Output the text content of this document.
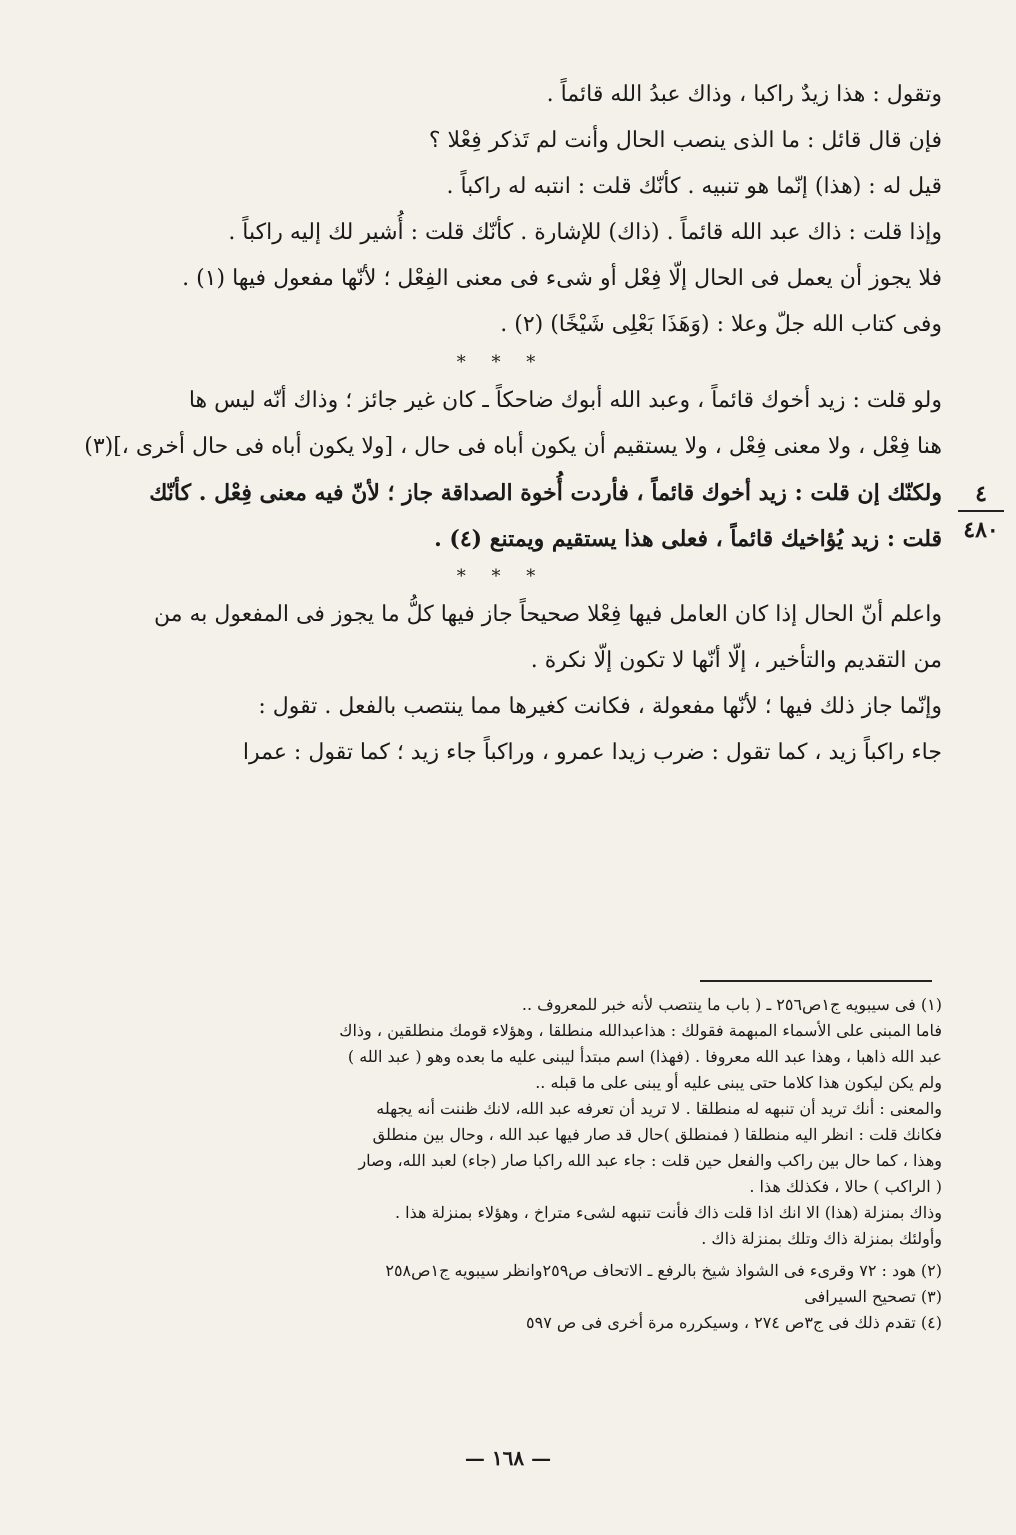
٤
٤٨٠
وتقول : هذا زيدٌ راكبا ، وذاك عبدُ الله قائماً .
فإن قال قائل : ما الذى ينصب الحال وأنت لم تَذكر فِعْلا ؟
قيل له : (هذا) إنّما هو تنبيه . كأنّك قلت : انتبه له راكباً .
وإذا قلت : ذاك عبد الله قائماً . (ذاك) للإشارة . كأنّك قلت : أُشير لك إليه راكباً .
فلا يجوز أن يعمل فى الحال إلّا فِعْل أو شىء فى معنى الفِعْل ؛ لأنّها مفعول فيها (١) .
وفى كتاب الله جلّ وعلا : (وَهَذَا بَعْلِى شَيْخًا) (٢) .
* * *
ولو قلت : زيد أخوك قائماً ، وعبد الله أبوك ضاحكاً ـ كان غير جائز ؛ وذاك أنّه ليس ها
هنا فِعْل ، ولا معنى فِعْل ، ولا يستقيم أن يكون أباه فى حال ، [ولا يكون أباه فى حال أخرى ،](٣)
ولكنّك إن قلت : زيد أخوك قائماً ، فأردت أُخوة الصداقة جاز ؛ لأنّ فيه معنى فِعْل . كأنّك
قلت : زيد يُؤاخيك قائماً ، فعلى هذا يستقيم ويمتنع (٤) .
* * *
واعلم أنّ الحال إذا كان العامل فيها فِعْلا صحيحاً جاز فيها كلُّ ما يجوز فى المفعول به من
من التقديم والتأخير ، إلّا أنّها لا تكون إلّا نكرة .
وإنّما جاز ذلك فيها ؛ لأنّها مفعولة ، فكانت كغيرها مما ينتصب بالفعل . تقول :
جاء راكباً زيد ، كما تقول : ضرب زيدا عمرو ، وراكباً جاء زيد ؛ كما تقول : عمرا
(١) فى سيبويه ج١ص٢٥٦ ـ ( باب ما ينتصب لأنه خبر للمعروف ..
فاما المبنى على الأسماء المبهمة فقولك : هذاعبدالله منطلقا ، وهؤلاء قومك منطلقين ، وذاك
عبد الله ذاهبا ، وهذا عبد الله معروفا . (فهذا) اسم مبتدأ ليبنى عليه ما بعده وهو ( عبد الله )
ولم يكن ليكون هذا كلاما حتى يبنى عليه أو يبنى على ما قبله ..
والمعنى : أنك تريد أن تنبهه له منطلقا . لا تريد أن تعرفه عبد الله، لانك ظننت أنه يجهله
فكانك قلت : انظر اليه منطلقا ( فمنطلق )حال قد صار فيها عبد الله ، وحال بين منطلق
وهذا ، كما حال بين راكب والفعل حين قلت : جاء عبد الله راكبا صار (جاء) لعبد الله، وصار
( الراكب ) حالا ، فكذلك هذا .
وذاك بمنزلة (هذا) الا انك اذا قلت ذاك فأنت تنبهه لشىء متراخ ، وهؤلاء بمنزلة هذا .
وأولئك بمنزلة ذاك وتلك بمنزلة ذاك .
(٢) هود : ٧٢ وقرىء فى الشواذ شيخ بالرفع ـ الاتحاف ص٢٥٩وانظر سيبويه ج١ص٢٥٨
(٣) تصحيح السيرافى
(٤) تقدم ذلك فى ج٣ص ٢٧٤ ، وسيكرره مرة أخرى فى ص ٥٩٧
— ١٦٨ —
